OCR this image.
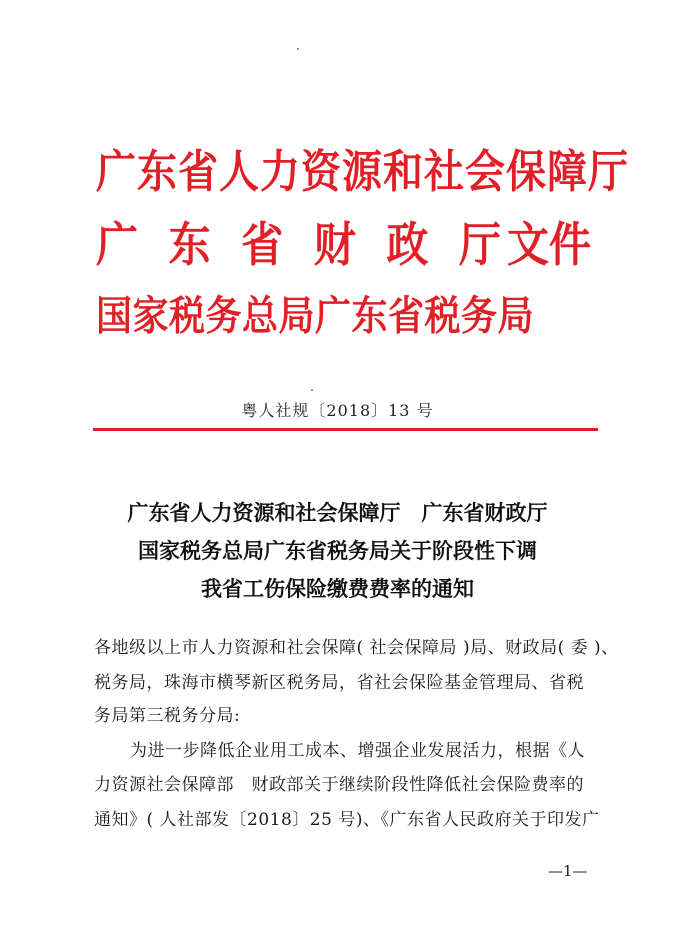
广东省人力资源和社会保障厅
广 东 省 财 政 厅 文件
国家税务总局广东省税务局
粤人社规〔2018〕13 号
广东省人力资源和社会保障厅　广东省财政厅
国家税务总局广东省税务局关于阶段性下调
我省工伤保险缴费费率的通知
各地级以上市人力资源和社会保障( 社会保障局 )局、财政局( 委 )、
税务局，珠海市横琴新区税务局，省社会保险基金管理局、省税
务局第三税务分局:
为进一步降低企业用工成本、增强企业发展活力，根据《人
力资源社会保障部　财政部关于继续阶段性降低社会保险费率的
通知》( 人社部发〔2018〕25 号)、《广东省人民政府关于印发广
—1—
